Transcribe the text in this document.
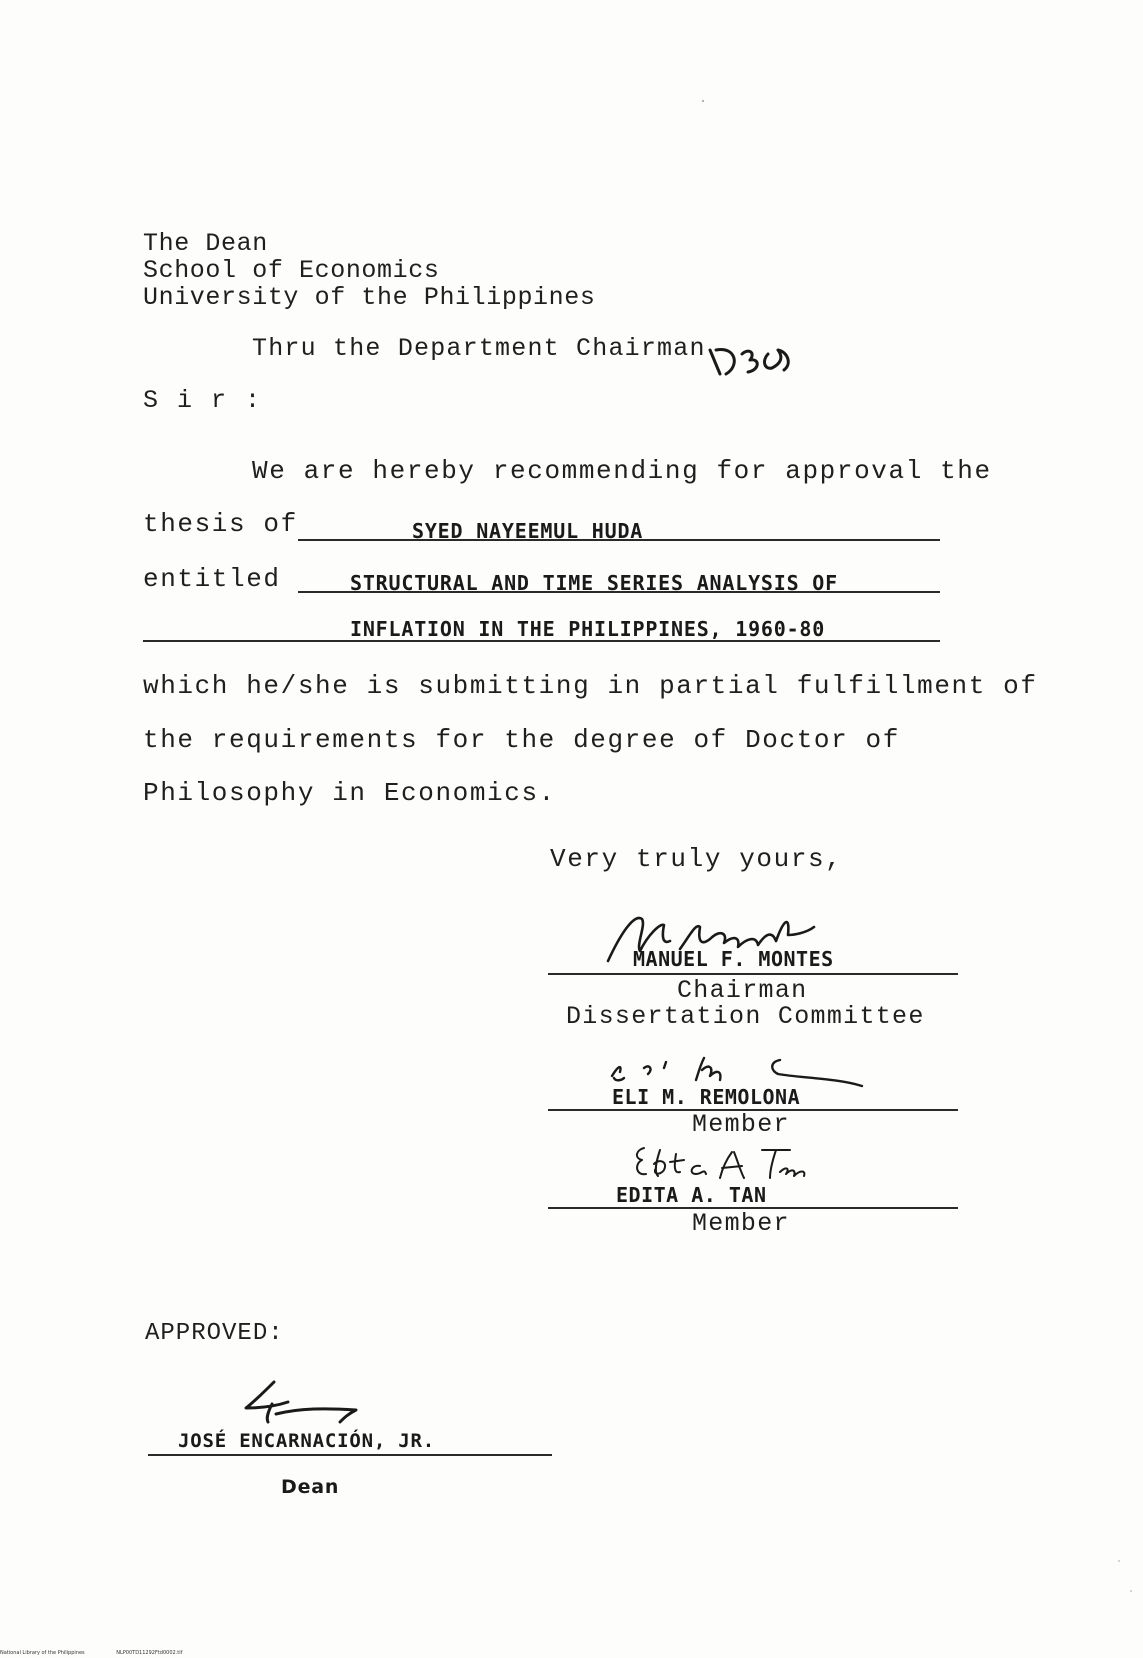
The Dean
School of Economics
University of the Philippines
Thru the Department Chairman
S i r :
We are hereby recommending for approval the
thesis of	SYED NAYEEMUL HUDA
entitled	STRUCTURAL AND TIME SERIES ANALYSIS OF
INFLATION IN THE PHILIPPINES, 1960-80
which he/she is submitting in partial fulfillment of
the requirements for the degree of Doctor of
Philosophy in Economics.
Very truly yours,
MANUEL F. MONTES
Chairman
Dissertation Committee
ELI M. REMOLONA
Member
EDITA A. TAN
Member
APPROVED:
JOSÉ ENCARNACIÓN, JR.
Dean
National Library of the Philippines	NLP00TD11292Ftd0002.tif
